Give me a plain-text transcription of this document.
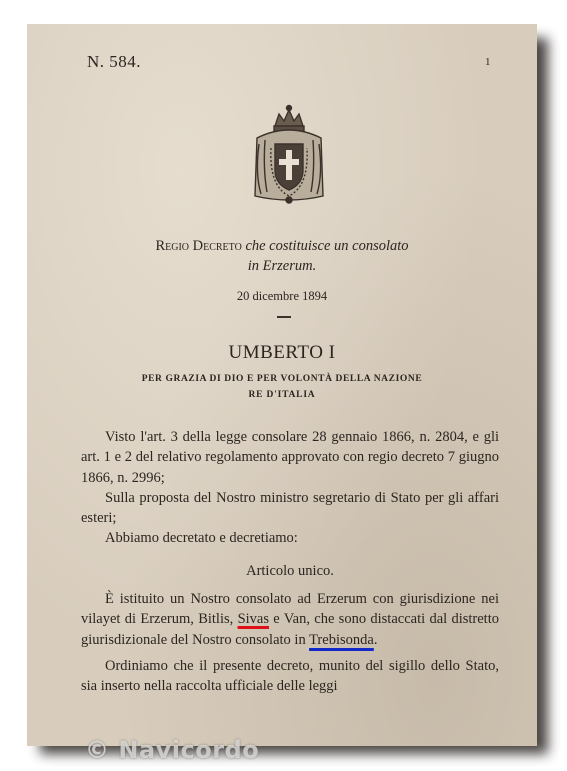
N. 584.	1
Regio Decreto che costituisce un consolato
in Erzerum.
20 dicembre 1894
UMBERTO I
PER GRAZIA DI DIO E PER VOLONTÀ DELLA NAZIONE
RE D'ITALIA

Visto l'art. 3 della legge consolare 28 gennaio 1866, n. 2804, e gli art. 1 e 2 del relativo regolamento approvato con regio decreto 7 giugno 1866, n. 2996;

Sulla proposta del Nostro ministro segretario di Stato per gli affari esteri;

Abbiamo decretato e decretiamo:

Articolo unico.

È istituito un Nostro consolato ad Erzerum con giurisdizione nei vilayet di Erzerum, Bitlis, Sivas e Van, che sono distaccati dal distretto giurisdizionale del Nostro consolato in Trebisonda.

Ordiniamo che il presente decreto, munito del sigillo dello Stato, sia inserto nella raccolta ufficiale delle leggi

© Navicordo
